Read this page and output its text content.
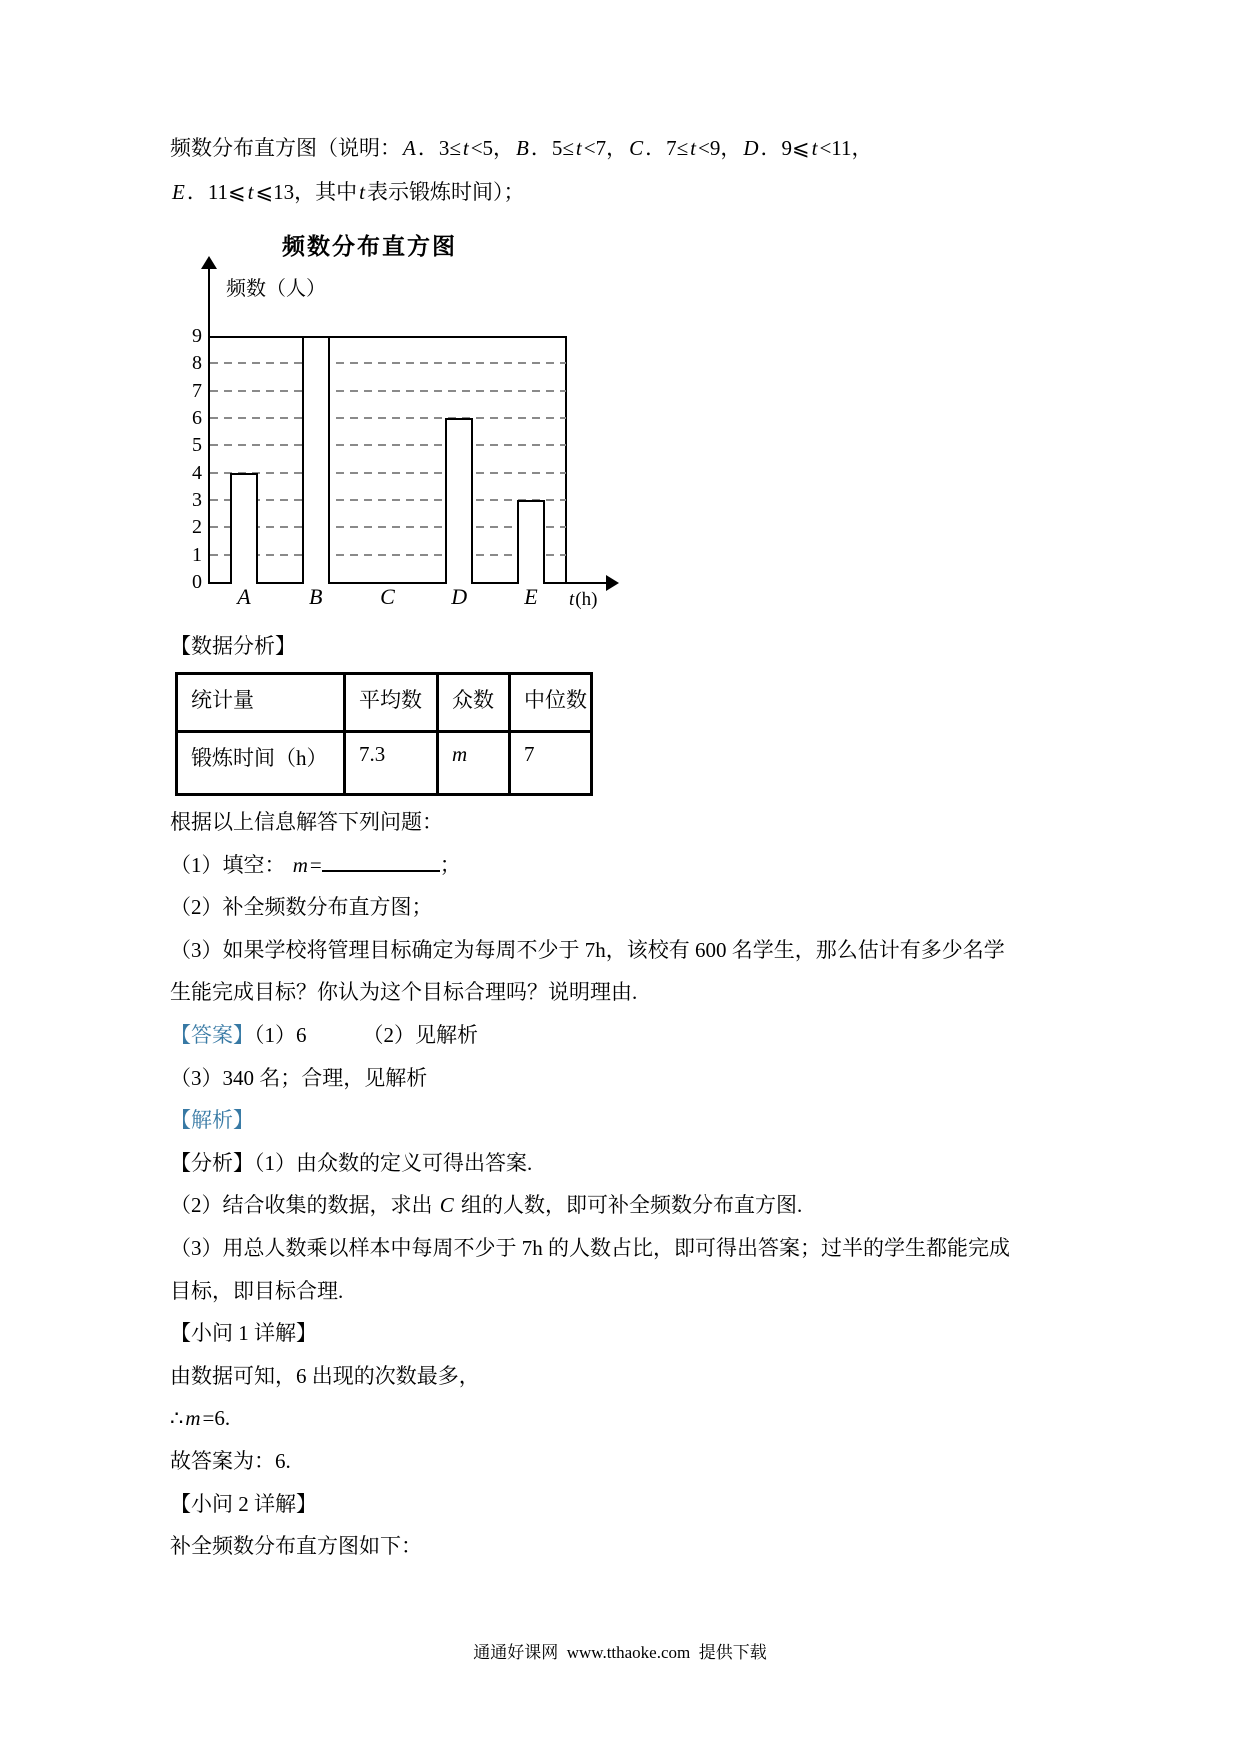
频数分布直方图（说明：A．3≤t<5，B．5≤t<7，C．7≤t<9，D．9⩽t<11，

E．11⩽t⩽13，其中t表示锻炼时间）；

频数分布直方图
频数（人）
0
1
2
3
4
5
6
7
8
9
A	B	C	D	E	t(h)

【数据分析】

统计量	平均数	众数	中位数
锻炼时间（h）	7.3	m	7

根据以上信息解答下列问题：

（1）填空： m=	；

（2）补全频数分布直方图；

（3）如果学校将管理目标确定为每周不少于 7h，该校有 600 名学生，那么估计有多少名学

生能完成目标？你认为这个目标合理吗？说明理由.

【答案】（1）6	（2）见解析

（3）340 名；合理，见解析

【解析】

【分析】（1）由众数的定义可得出答案.

（2）结合收集的数据，求出 C 组的人数，即可补全频数分布直方图.

（3）用总人数乘以样本中每周不少于 7h 的人数占比，即可得出答案；过半的学生都能完成

目标，即目标合理.

【小问 1 详解】

由数据可知，6 出现的次数最多，

∴m=6.

故答案为：6.

【小问 2 详解】

补全频数分布直方图如下：

通通好课网  www.tthaoke.com  提供下载
